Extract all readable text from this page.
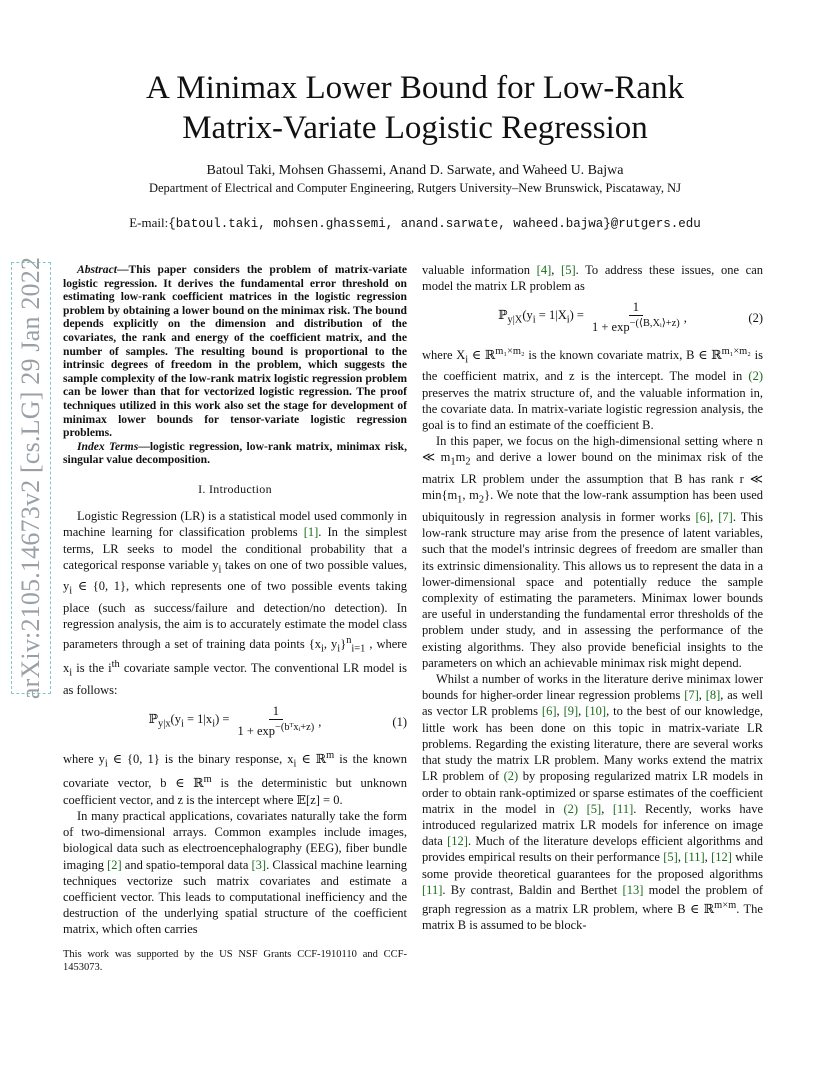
arXiv:2105.14673v2 [cs.LG] 29 Jan 2022
A Minimax Lower Bound for Low-Rank
Matrix-Variate Logistic Regression
Batoul Taki, Mohsen Ghassemi, Anand D. Sarwate, and Waheed U. Bajwa
Department of Electrical and Computer Engineering, Rutgers University–New Brunswick, Piscataway, NJ
E-mail:{batoul.taki, mohsen.ghassemi, anand.sarwate, waheed.bajwa}@rutgers.edu

Abstract—This paper considers the problem of matrix-variate logistic regression. It derives the fundamental error threshold on estimating low-rank coefficient matrices in the logistic regression problem by obtaining a lower bound on the minimax risk. The bound depends explicitly on the dimension and distribution of the covariates, the rank and energy of the coefficient matrix, and the number of samples. The resulting bound is proportional to the intrinsic degrees of freedom in the problem, which suggests the sample complexity of the low-rank matrix logistic regression problem can be lower than that for vectorized logistic regression. The proof techniques utilized in this work also set the stage for development of minimax lower bounds for tensor-variate logistic regression problems.

Index Terms—logistic regression, low-rank matrix, minimax risk, singular value decomposition.

I. Introduction

Logistic Regression (LR) is a statistical model used commonly in machine learning for classification problems [1]. In the simplest terms, LR seeks to model the conditional probability that a categorical response variable $y_i$ takes on one of two possible values, $y_i$ ∈ {0, 1}, which represents one of two possible events taking place (such as success/failure and detection/no detection). In regression analysis, the aim is to accurately estimate the model class parameters through a set of training data points {$x_i$, $y_i\}^n_{i=1}$ , where $x_i$ is the $i^{th}$ covariate sample vector. The conventional LR model is as follows:

$ℙ_{y|x}(y_i = 1|x_i) = \frac{1}{1 + \exp^{-(bᵀxᵢ+z)}}$ ,	(1)

where $y_i$ ∈ {0, 1} is the binary response, $x_i$ ∈ ℝ$^m$ is the known covariate vector, b ∈ ℝ$^m$ is the deterministic but unknown coefficient vector, and z is the intercept where 𝔼[z] = 0.

In many practical applications, covariates naturally take the form of two-dimensional arrays. Common examples include images, biological data such as electroencephalography (EEG), fiber bundle imaging [2] and spatio-temporal data [3]. Classical machine learning techniques vectorize such matrix covariates and estimate a coefficient vector. This leads to computational inefficiency and the destruction of the underlying spatial structure of the coefficient matrix, which often carries

This work was supported by the US NSF Grants CCF-1910110 and CCF-1453073.

valuable information [4], [5]. To address these issues, one can model the matrix LR problem as

$ℙ_{y|X}(y_i = 1|X_i) = \frac{1}{1 + \exp^{-(⟨B,Xᵢ⟩+z)}}$ ,	(2)

where $X_i$ ∈ ℝ$^{m_1\times m_2}$ is the known covariate matrix, B ∈ ℝ$^{m_1\times m_2}$ is the coefficient matrix, and z is the intercept. The model in (2) preserves the matrix structure of, and the valuable information in, the covariate data. In matrix-variate logistic regression analysis, the goal is to find an estimate of the coefficient B.

In this paper, we focus on the high-dimensional setting where n ≪ $m_1m_2$ and derive a lower bound on the minimax risk of the matrix LR problem under the assumption that B has rank r ≪ $\min\{m_1$, $m_2$}. We note that the low-rank assumption has been used ubiquitously in regression analysis in former works [6], [7]. This low-rank structure may arise from the presence of latent variables, such that the model's intrinsic degrees of freedom are smaller than its extrinsic dimensionality. This allows us to represent the data in a lower-dimensional space and potentially reduce the sample complexity of estimating the parameters. Minimax lower bounds are useful in understanding the fundamental error thresholds of the problem under study, and in assessing the performance of the existing algorithms. They also provide beneficial insights to the parameters on which an achievable minimax risk might depend.

Whilst a number of works in the literature derive minimax lower bounds for higher-order linear regression problems [7], [8], as well as vector LR problems [6], [9], [10], to the best of our knowledge, little work has been done on this topic in matrix-variate LR problems. Regarding the existing literature, there are several works that study the matrix LR problem. Many works extend the matrix LR problem of (2) by proposing regularized matrix LR models in order to obtain rank-optimized or sparse estimates of the coefficient matrix in the model in (2) [5], [11]. Recently, works have introduced regularized matrix LR models for inference on image data [12]. Much of the literature develops efficient algorithms and provides empirical results on their performance [5], [11], [12] while some provide theoretical guarantees for the proposed algorithms [11]. By contrast, Baldin and Berthet [13] model the problem of graph regression as a matrix LR problem, where B ∈ ℝ$^{m\times m}$. The matrix B is assumed to be block-
